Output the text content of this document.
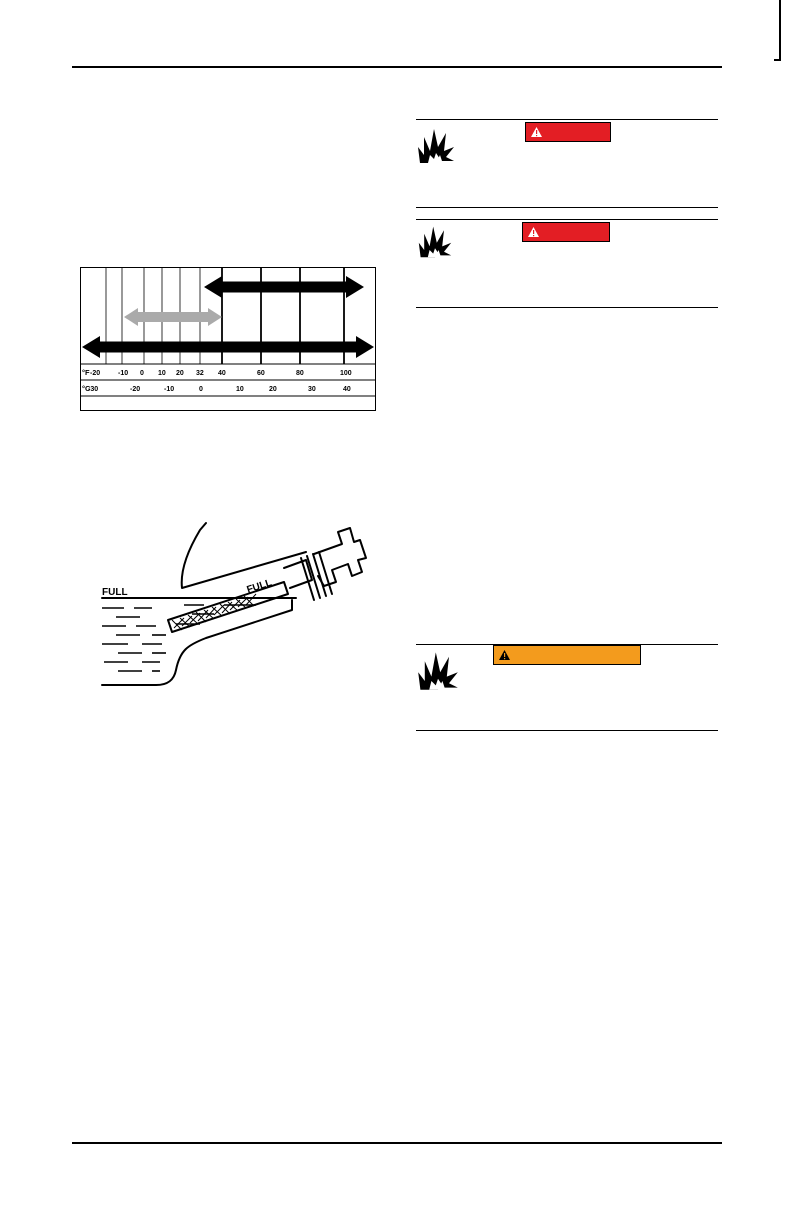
°F
°C
-20	-10 0 10 20 32 40	60	80	100
-30	-20	-10	0	10	20	30	40
FULL	FULL
